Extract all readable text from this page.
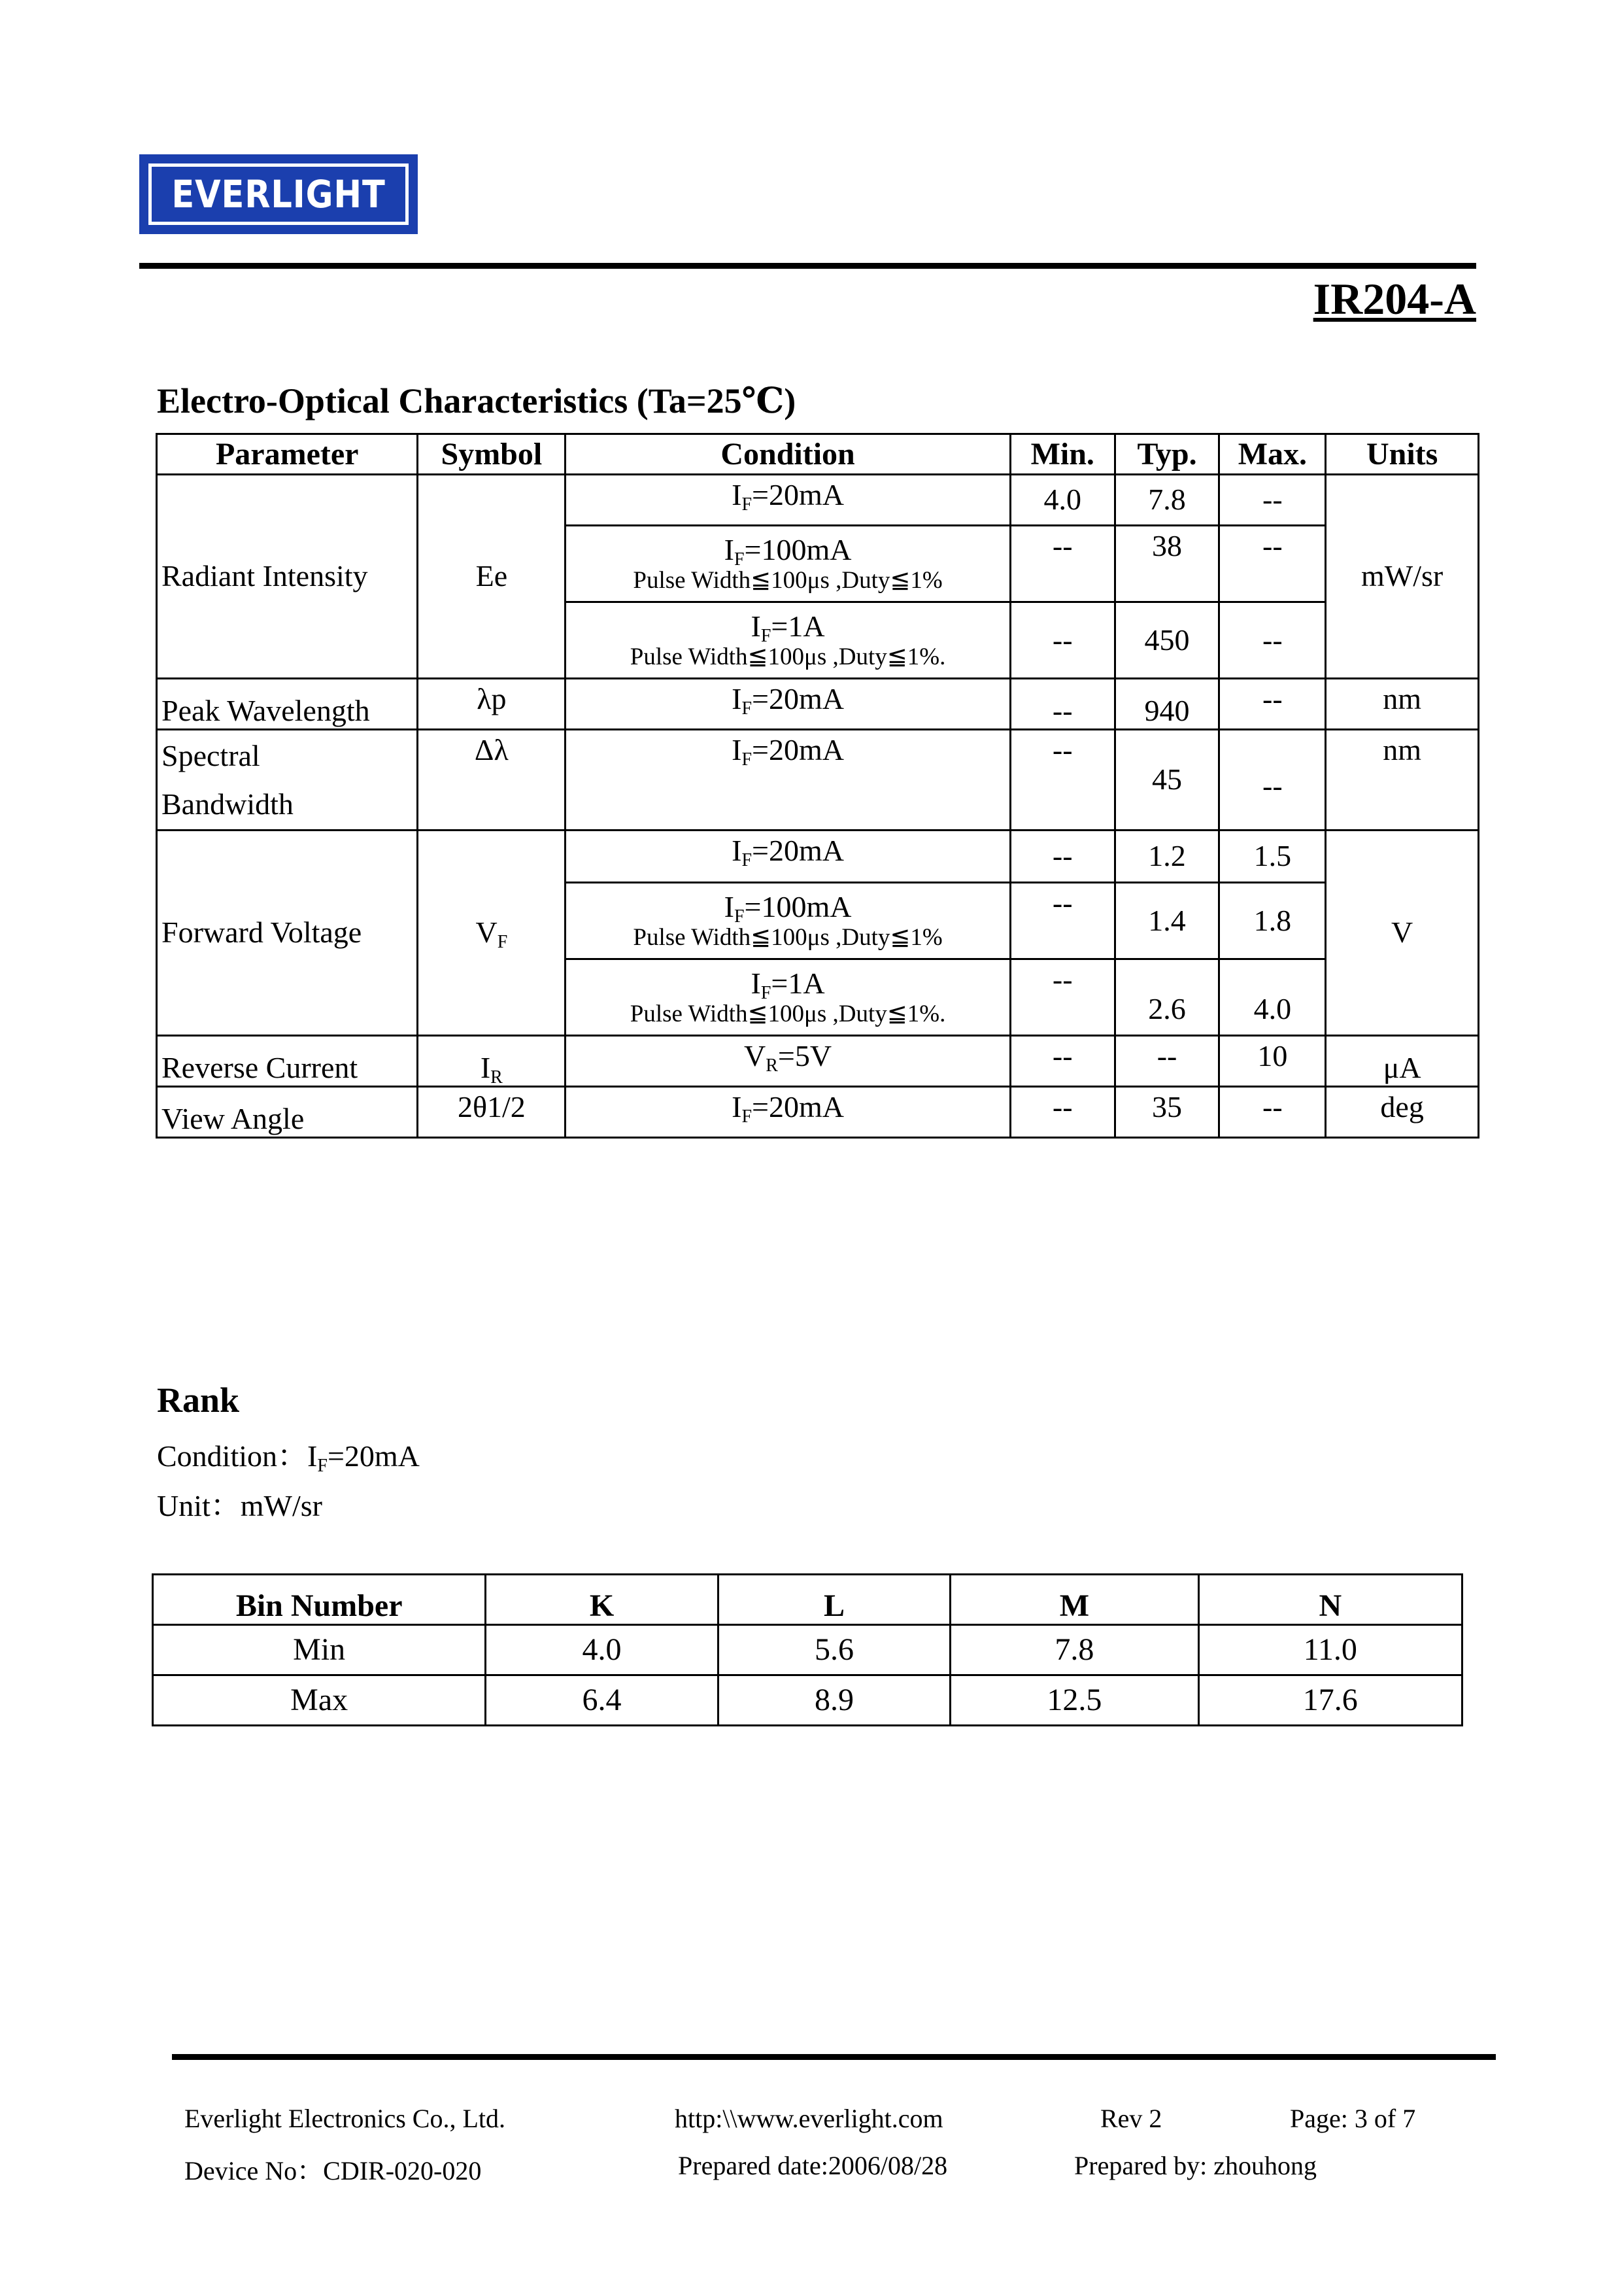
EVERLIGHT
IR204-A
Electro-Optical Characteristics (Ta=25℃)
Parameter	Symbol	Condition	Min.	Typ.	Max.	Units
Radiant Intensity	Ee	$I_F=20mA$	4.0	7.8	--	mW/sr
		$I_F=100mA$
Pulse Width≦100μs ,Duty≦1%	--	38	--	
		$I_F=1A$
Pulse Width≦100μs ,Duty≦1%.	--	450	--	
Peak Wavelength	λp	$I_F=20mA$	--	940	--	nm
Spectral
Bandwidth	Δλ	$I_F=20mA$	--	45	--	nm
Forward Voltage	$V_F$	$I_F=20mA$	--	1.2	1.5	V
		$I_F=100mA$
Pulse Width≦100μs ,Duty≦1%	--	1.4	1.8	
		$I_F=1A$
Pulse Width≦100μs ,Duty≦1%.	--	2.6	4.0	
Reverse Current	$I_R$	$V_R=5V$	--	--	10	μA
View Angle	2θ1/2	$I_F=20mA$	--	35	--	deg
Rank
Condition：$I_F=20mA$
Unit：mW/sr
Bin Number	K	L	M	N
Min	4.0	5.6	7.8	11.0
Max	6.4	8.9	12.5	17.6
Everlight Electronics Co., Ltd.	http:\\www.everlight.com	Rev 2	Page: 3 of 7
Device No：CDIR-020-020	Prepared date:2006/08/28	Prepared by: zhouhong
